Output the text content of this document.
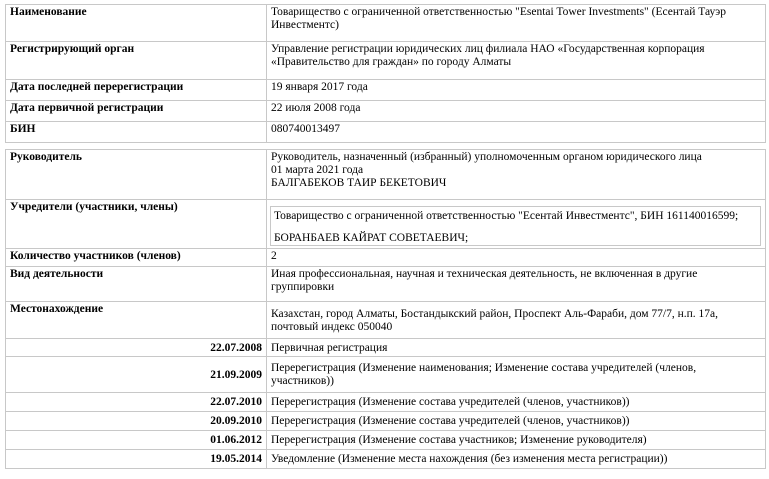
Наименование	Товарищество с ограниченной ответственностью "Esentai Tower Investments" (Есентай Тауэр Инвестментс)
Регистрирующий орган	Управление регистрации юридических лиц филиала НАО «Государственная корпорация «Правительство для граждан» по городу Алматы
Дата последней перерегистрации	19 января 2017 года
Дата первичной регистрации	22 июля 2008 года
БИН	080740013497
Руководитель	Руководитель, назначенный (избранный) уполномоченным органом юридического лица
01 марта 2021 года
БАЛГАБЕКОВ ТАИР БЕКЕТОВИЧ

Учредители (участники, члены)	Товарищество с ограниченной ответственностью "Есентай Инвестментс", БИН 161140016599;
БОРАНБАЕВ КАЙРАТ СОВЕТАЕВИЧ;

Количество участников (членов)	2
Вид деятельности	Иная профессиональная, научная и техническая деятельность, не включенная в другие группировки
Местонахождение	Казахстан, город Алматы, Бостандыкский район, Проспект Аль-Фараби, дом 77/7, н.п. 17а, почтовый индекс 050040
22.07.2008	Первичная регистрация
21.09.2009	Перерегистрация (Изменение наименования; Изменение состава учредителей (членов, участников))
22.07.2010	Перерегистрация (Изменение состава учредителей (членов, участников))
20.09.2010	Перерегистрация (Изменение состава учредителей (членов, участников))
01.06.2012	Перерегистрация (Изменение состава участников; Изменение руководителя)
19.05.2014	Уведомление (Изменение места нахождения (без изменения места регистрации))
